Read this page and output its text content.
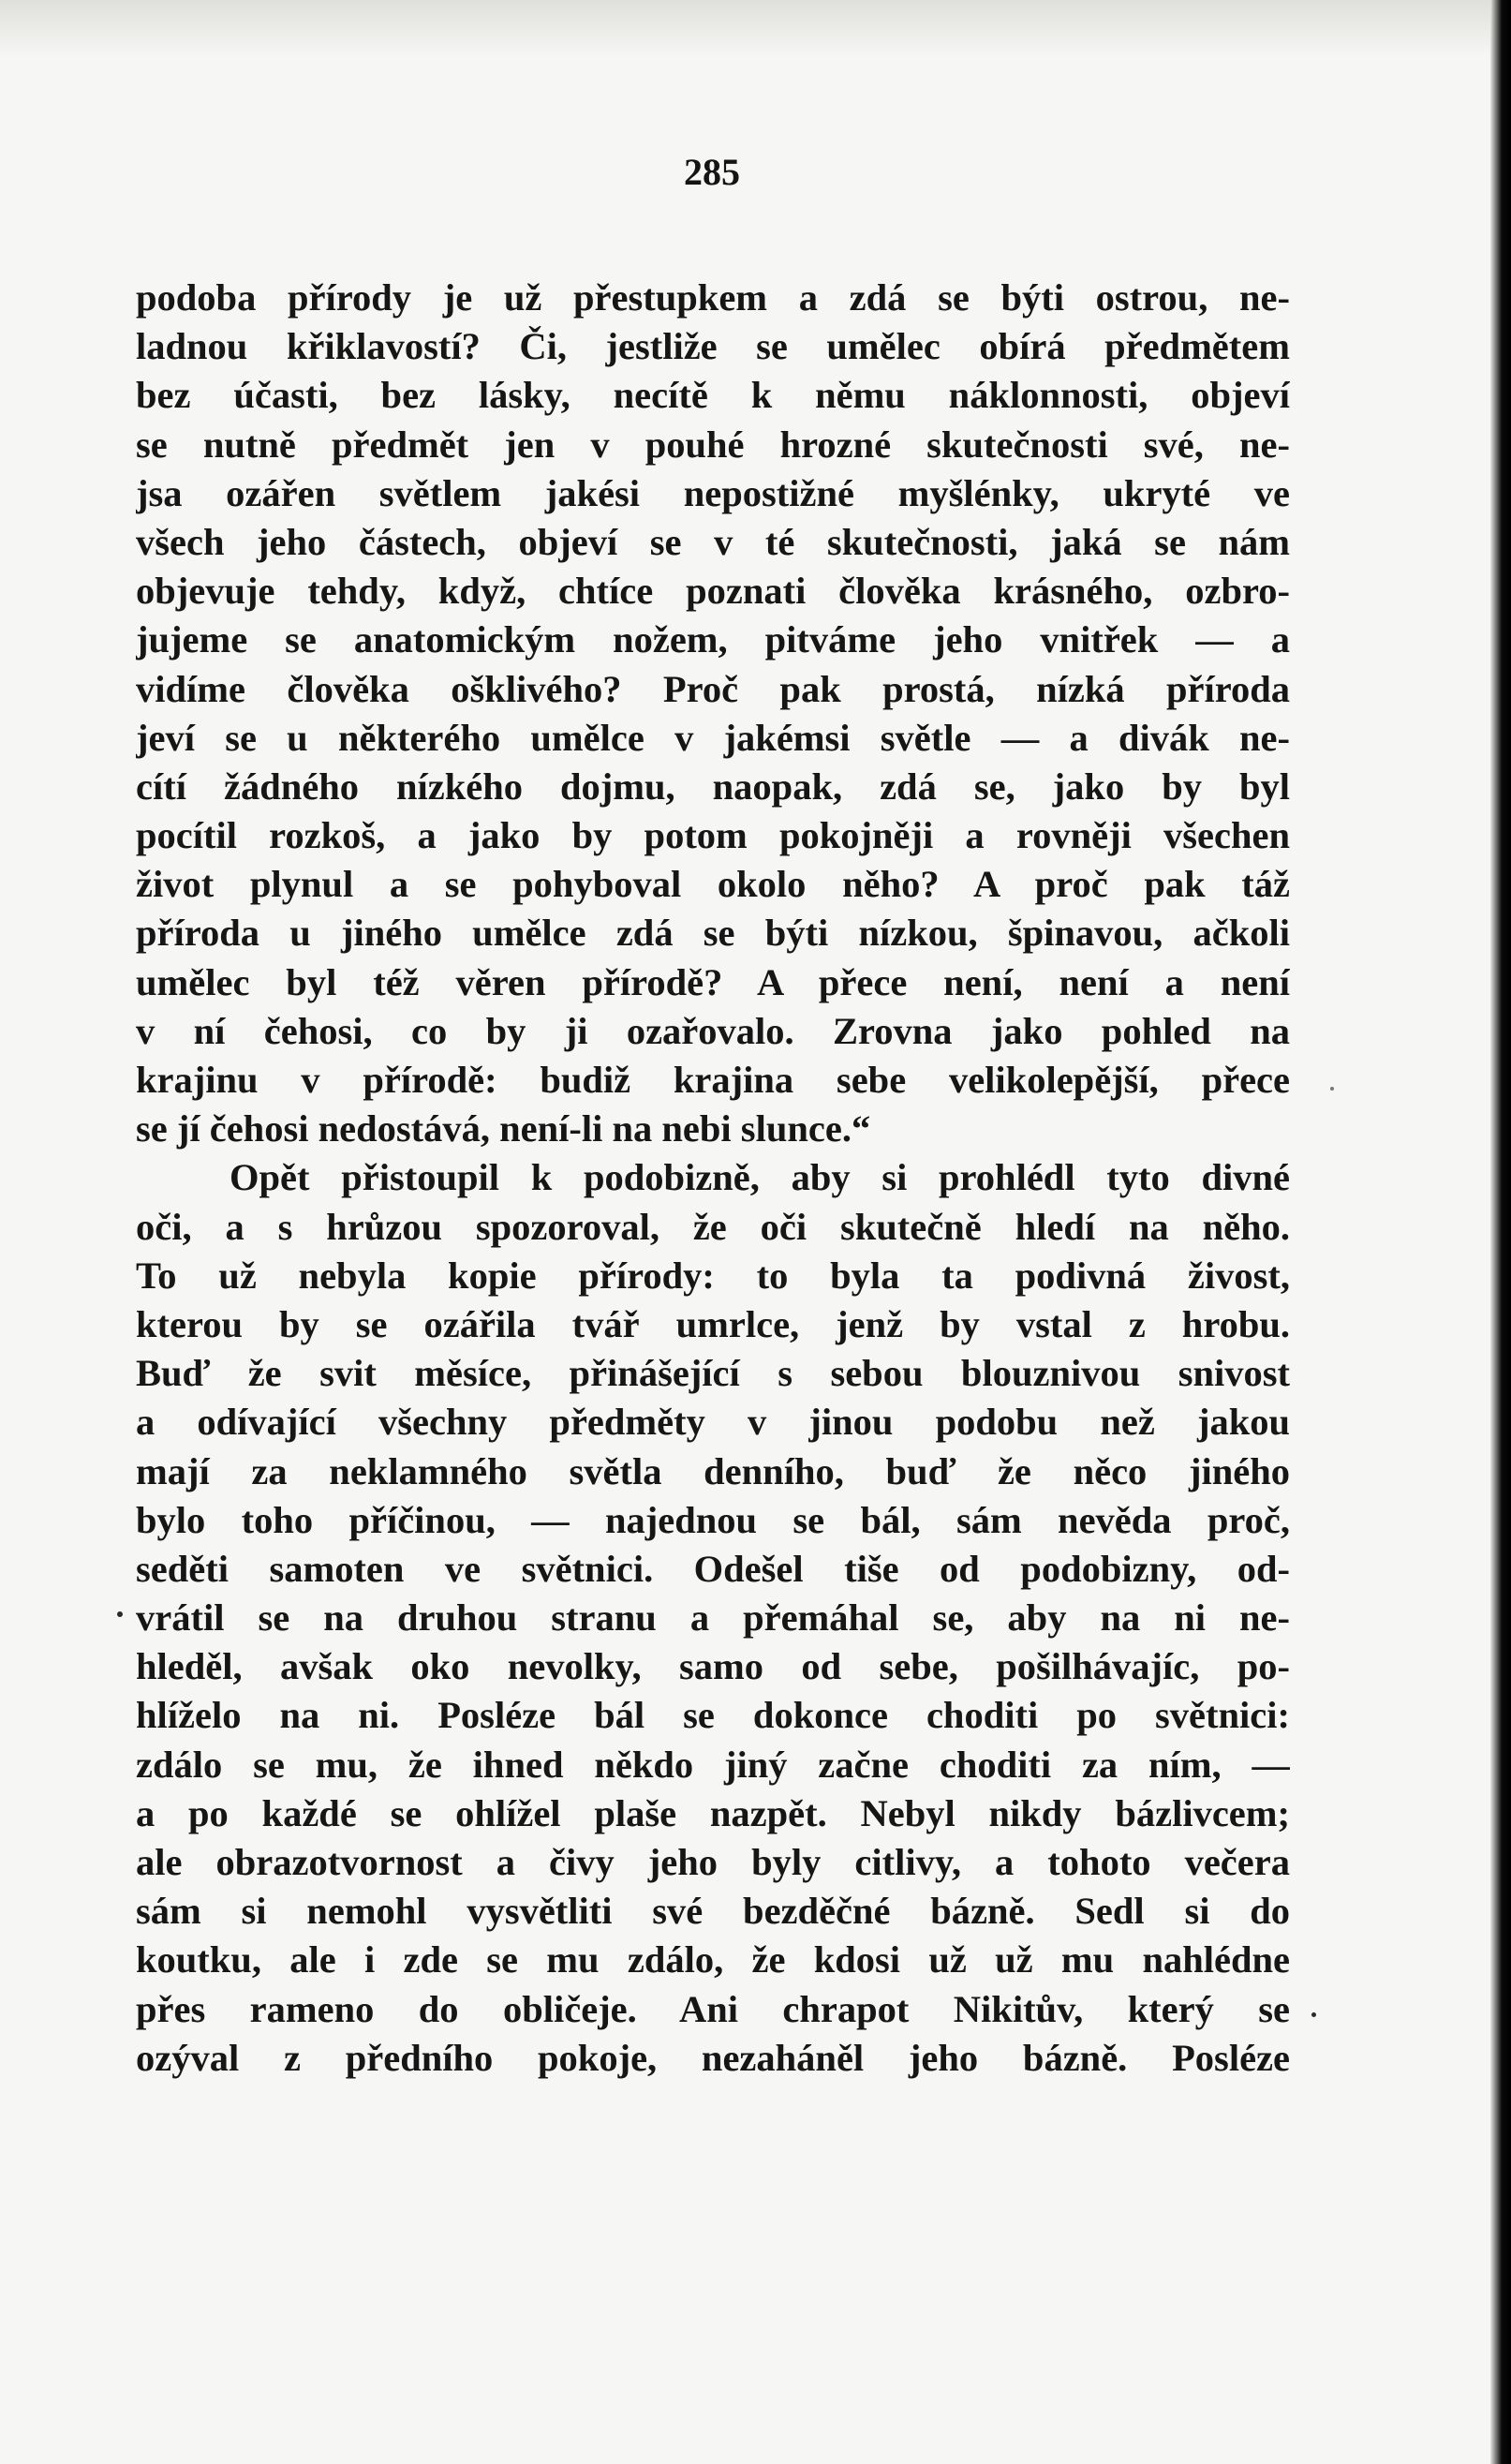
285
podoba přírody je už přestupkem a zdá se býti ostrou, ne-
ladnou křiklavostí? Či, jestliže se umělec obírá předmětem
bez účasti, bez lásky, necítě k němu náklonnosti, objeví
se nutně předmět jen v pouhé hrozné skutečnosti své, ne-
jsa ozářen světlem jakési nepostižné myšlénky, ukryté ve
všech jeho částech, objeví se v té skutečnosti, jaká se nám
objevuje tehdy, když, chtíce poznati člověka krásného, ozbro-
jujeme se anatomickým nožem, pitváme jeho vnitřek — a
vidíme člověka ošklivého? Proč pak prostá, nízká příroda
jeví se u některého umělce v jakémsi světle — a divák ne-
cítí žádného nízkého dojmu, naopak, zdá se, jako by byl
pocítil rozkoš, a jako by potom pokojněji a rovněji všechen
život plynul a se pohyboval okolo něho? A proč pak táž
příroda u jiného umělce zdá se býti nízkou, špinavou, ačkoli
umělec byl též věren přírodě? A přece není, není a není
v ní čehosi, co by ji ozařovalo. Zrovna jako pohled na
krajinu v přírodě: budiž krajina sebe velikolepější, přece
se jí čehosi nedostává, není-li na nebi slunce.“
Opět přistoupil k podobizně, aby si prohlédl tyto divné
oči, a s hrůzou spozoroval, že oči skutečně hledí na něho.
To už nebyla kopie přírody: to byla ta podivná živost,
kterou by se ozářila tvář umrlce, jenž by vstal z hrobu.
Buď že svit měsíce, přinášející s sebou blouznivou snivost
a odívající všechny předměty v jinou podobu než jakou
mají za neklamného světla denního, buď že něco jiného
bylo toho příčinou, — najednou se bál, sám nevěda proč,
seděti samoten ve světnici. Odešel tiše od podobizny, od-
vrátil se na druhou stranu a přemáhal se, aby na ni ne-
hleděl, avšak oko nevolky, samo od sebe, pošilhávajíc, po-
hlíželo na ni. Posléze bál se dokonce choditi po světnici:
zdálo se mu, že ihned někdo jiný začne choditi za ním, —
a po každé se ohlížel plaše nazpět. Nebyl nikdy bázlivcem;
ale obrazotvornost a čivy jeho byly citlivy, a tohoto večera
sám si nemohl vysvětliti své bezděčné bázně. Sedl si do
koutku, ale i zde se mu zdálo, že kdosi už už mu nahlédne
přes rameno do obličeje. Ani chrapot Nikitův, který se
ozýval z předního pokoje, nezaháněl jeho bázně. Posléze
